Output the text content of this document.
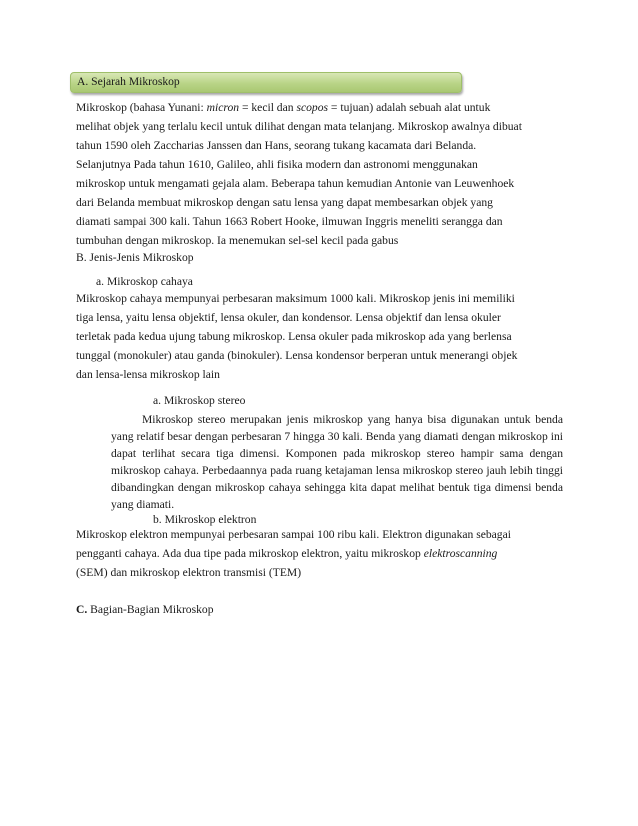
A. Sejarah Mikroskop

Mikroskop (bahasa Yunani: micron = kecil dan scopos = tujuan) adalah sebuah alat untuk

melihat objek yang terlalu kecil untuk dilihat dengan mata telanjang. Mikroskop awalnya dibuat

tahun 1590 oleh Zaccharias Janssen dan Hans, seorang tukang kacamata dari Belanda.

Selanjutnya Pada tahun 1610, Galileo, ahli fisika modern dan astronomi menggunakan

mikroskop untuk mengamati gejala alam. Beberapa tahun kemudian Antonie van Leuwenhoek

dari Belanda membuat mikroskop dengan satu lensa yang dapat membesarkan objek yang

diamati sampai 300 kali. Tahun 1663 Robert Hooke, ilmuwan Inggris meneliti serangga dan

tumbuhan dengan mikroskop. Ia menemukan sel-sel kecil pada gabus

B. Jenis-Jenis Mikroskop
a. Mikroskop cahaya

Mikroskop cahaya mempunyai perbesaran maksimum 1000 kali. Mikroskop jenis ini memiliki

tiga lensa, yaitu lensa objektif, lensa okuler, dan kondensor. Lensa objektif dan lensa okuler

terletak pada kedua ujung tabung mikroskop. Lensa okuler pada mikroskop ada yang berlensa

tunggal (monokuler) atau ganda (binokuler). Lensa kondensor berperan untuk menerangi objek

dan lensa-lensa mikroskop lain

a. Mikroskop stereo

Mikroskop stereo merupakan jenis mikroskop yang hanya bisa digunakan untuk benda yang relatif besar dengan perbesaran 7 hingga 30 kali. Benda yang diamati dengan mikroskop ini dapat terlihat secara tiga dimensi. Komponen pada mikroskop stereo hampir sama dengan mikroskop cahaya. Perbedaannya pada ruang ketajaman lensa mikroskop stereo jauh lebih tinggi dibandingkan dengan mikroskop cahaya sehingga kita dapat melihat bentuk tiga dimensi benda yang diamati.

b. Mikroskop elektron

Mikroskop elektron mempunyai perbesaran sampai 100 ribu kali. Elektron digunakan sebagai

pengganti cahaya. Ada dua tipe pada mikroskop elektron, yaitu mikroskop elektroscanning

(SEM) dan mikroskop elektron transmisi (TEM)

C. Bagian-Bagian Mikroskop
